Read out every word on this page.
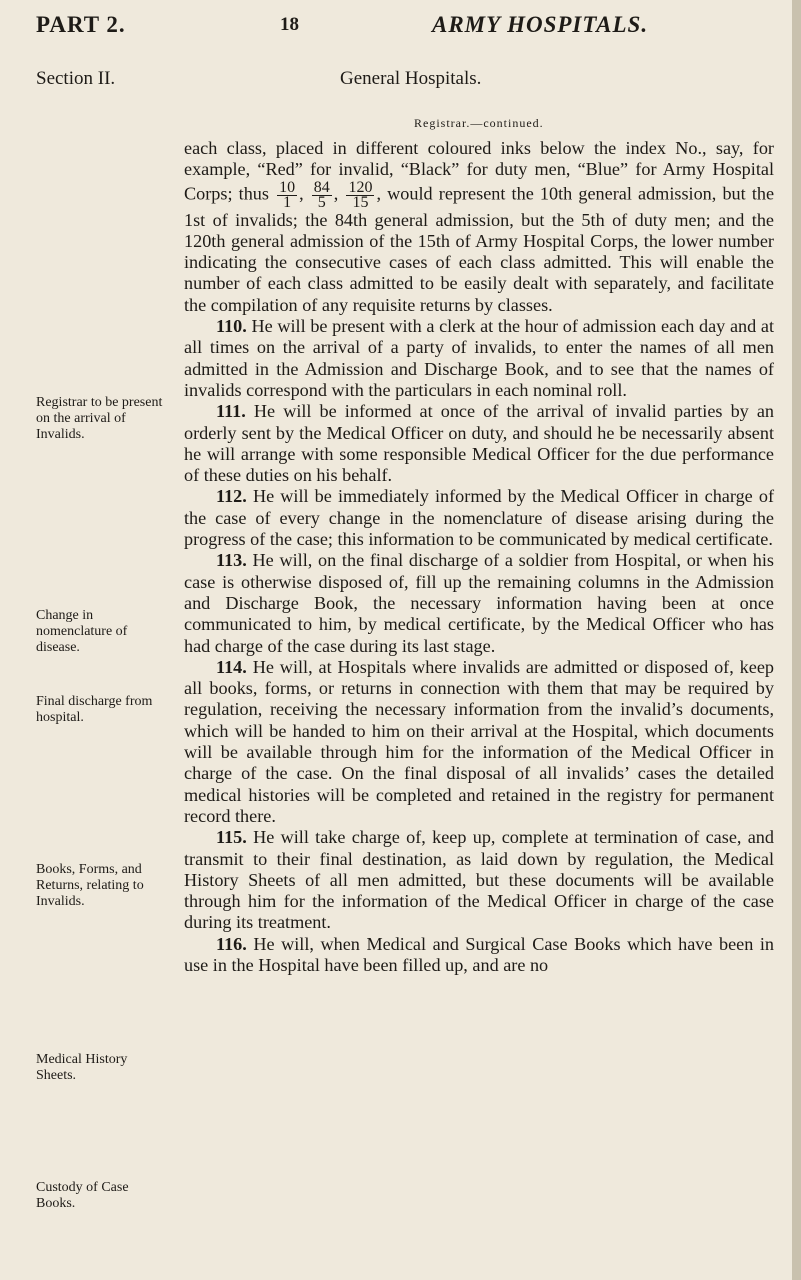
PART 2.	18	ARMY HOSPITALS.
Section II.	General Hospitals.
Registrar.—continued.
Registrar to be present on the arrival of Invalids.
Change in nomenclature of disease.
Final discharge from hospital.
Books, Forms, and Returns, relating to Invalids.
Medical History Sheets.
Custody of Case Books.

each class, placed in different coloured inks below the index No., say, for example, “Red” for invalid, “Black” for duty men, “Blue” for Army Hospital Corps; thus $\frac{10}{1}$ , $\frac{84}{5}$ , $\frac{120}{15}$ , would represent the 10th general admission, but the 1st of invalids; the 84th general admission, but the 5th of duty men; and the 120th general admission of the 15th of Army Hospital Corps, the lower number indicating the consecutive cases of each class admitted. This will enable the number of each class admitted to be easily dealt with separately, and facilitate the compilation of any requisite returns by classes.

110. He will be present with a clerk at the hour of admission each day and at all times on the arrival of a party of invalids, to enter the names of all men admitted in the Admission and Discharge Book, and to see that the names of invalids correspond with the particulars in each nominal roll.

111. He will be informed at once of the arrival of invalid parties by an orderly sent by the Medical Officer on duty, and should he be necessarily absent he will arrange with some responsible Medical Officer for the due performance of these duties on his behalf.

112. He will be immediately informed by the Medical Officer in charge of the case of every change in the nomenclature of disease arising during the progress of the case; this information to be communicated by medical certificate.

113. He will, on the final discharge of a soldier from Hospital, or when his case is otherwise disposed of, fill up the remaining columns in the Admission and Discharge Book, the necessary information having been at once communicated to him, by medical certificate, by the Medical Officer who has had charge of the case during its last stage.

114. He will, at Hospitals where invalids are admitted or disposed of, keep all books, forms, or returns in connection with them that may be required by regulation, receiving the necessary information from the invalid’s documents, which will be handed to him on their arrival at the Hospital, which documents will be available through him for the information of the Medical Officer in charge of the case. On the final disposal of all invalids’ cases the detailed medical histories will be completed and retained in the registry for permanent record there.

115. He will take charge of, keep up, complete at termination of case, and transmit to their final destination, as laid down by regulation, the Medical History Sheets of all men admitted, but these documents will be available through him for the information of the Medical Officer in charge of the case during its treatment.

116. He will, when Medical and Surgical Case Books which have been in use in the Hospital have been filled up, and are no
